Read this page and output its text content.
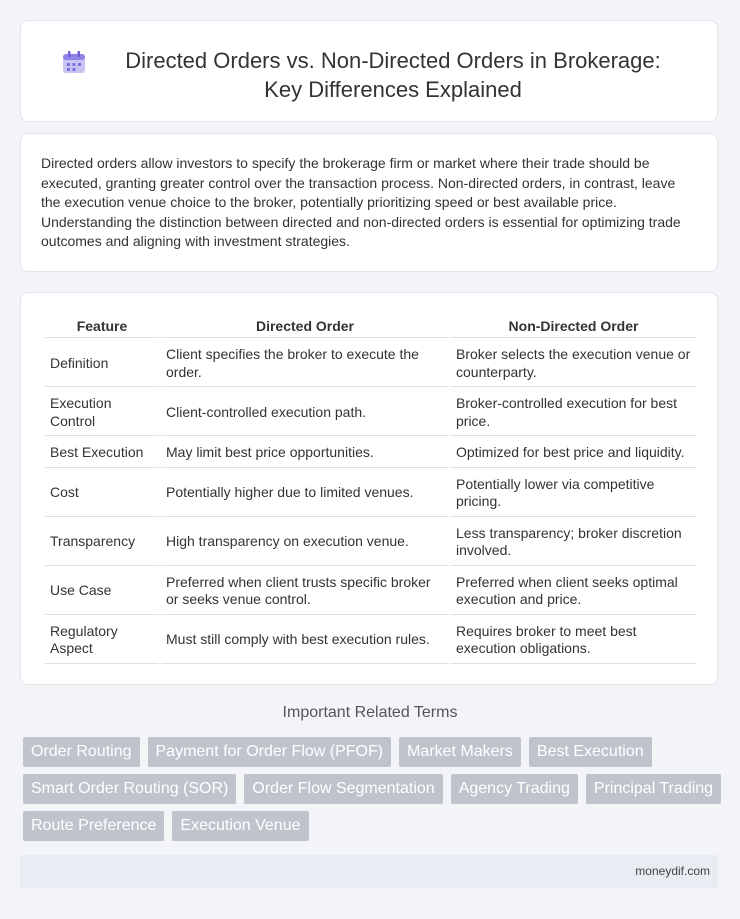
Directed Orders vs. Non-Directed Orders in Brokerage: Key Differences Explained

Directed orders allow investors to specify the brokerage firm or market where their trade should be executed, granting greater control over the transaction process. Non-directed orders, in contrast, leave the execution venue choice to the broker, potentially prioritizing speed or best available price. Understanding the distinction between directed and non-directed orders is essential for optimizing trade outcomes and aligning with investment strategies.

Feature	Directed Order	Non-Directed Order
Definition	Client specifies the broker to execute the order.	Broker selects the execution venue or counterparty.
Execution Control	Client-controlled execution path.	Broker-controlled execution for best price.
Best Execution	May limit best price opportunities.	Optimized for best price and liquidity.
Cost	Potentially higher due to limited venues.	Potentially lower via competitive pricing.
Transparency	High transparency on execution venue.	Less transparency; broker discretion involved.
Use Case	Preferred when client trusts specific broker or seeks venue control.	Preferred when client seeks optimal execution and price.
Regulatory Aspect	Must still comply with best execution rules.	Requires broker to meet best execution obligations.
Important Related Terms
Order Routing	Payment for Order Flow (PFOF)	Market Makers	Best Execution
Smart Order Routing (SOR)	Order Flow Segmentation	Agency Trading	Principal Trading
Route Preference	Execution Venue
moneydif.com
